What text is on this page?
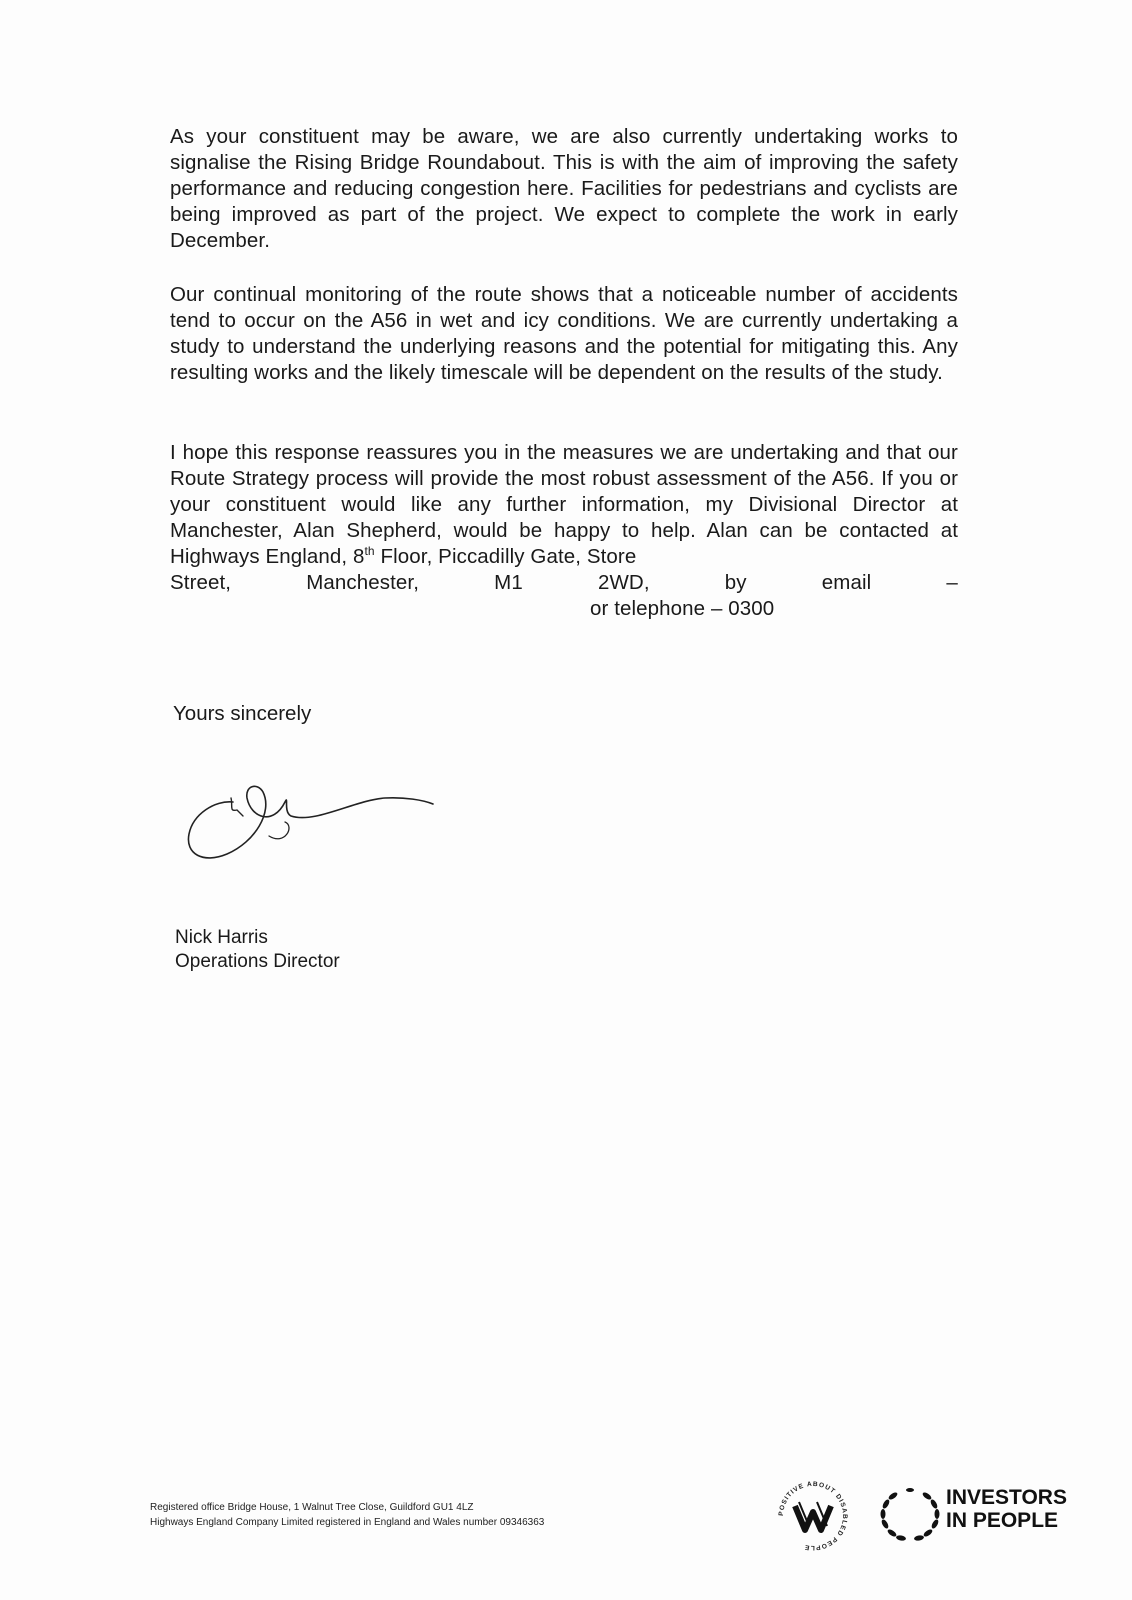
As your constituent may be aware, we are also currently undertaking works to signalise the Rising Bridge Roundabout. This is with the aim of improving the safety performance and reducing congestion here. Facilities for pedestrians and cyclists are being improved as part of the project. We expect to complete the work in early December.

Our continual monitoring of the route shows that a noticeable number of accidents tend to occur on the A56 in wet and icy conditions. We are currently undertaking a study to understand the underlying reasons and the potential for mitigating this. Any resulting works and the likely timescale will be dependent on the results of the study.

I hope this response reassures you in the measures we are undertaking and that our Route Strategy process will provide the most robust assessment of the A56. If you or your constituent would like any further information, my Divisional Director at Manchester, Alan Shepherd, would be happy to help. Alan can be contacted at Highways England, 8th Floor, Piccadilly Gate, Store

Street,	Manchester,	M1	2WD,	by	email	–
or telephone – 0300
Yours sincerely
Nick Harris
Operations Director
Registered office Bridge House, 1 Walnut Tree Close, Guildford GU1 4LZ
Highways England Company Limited registered in England and Wales number 09346363
POSITIVE ABOUT DISABLED PEOPLE
INVESTORS
IN PEOPLE
